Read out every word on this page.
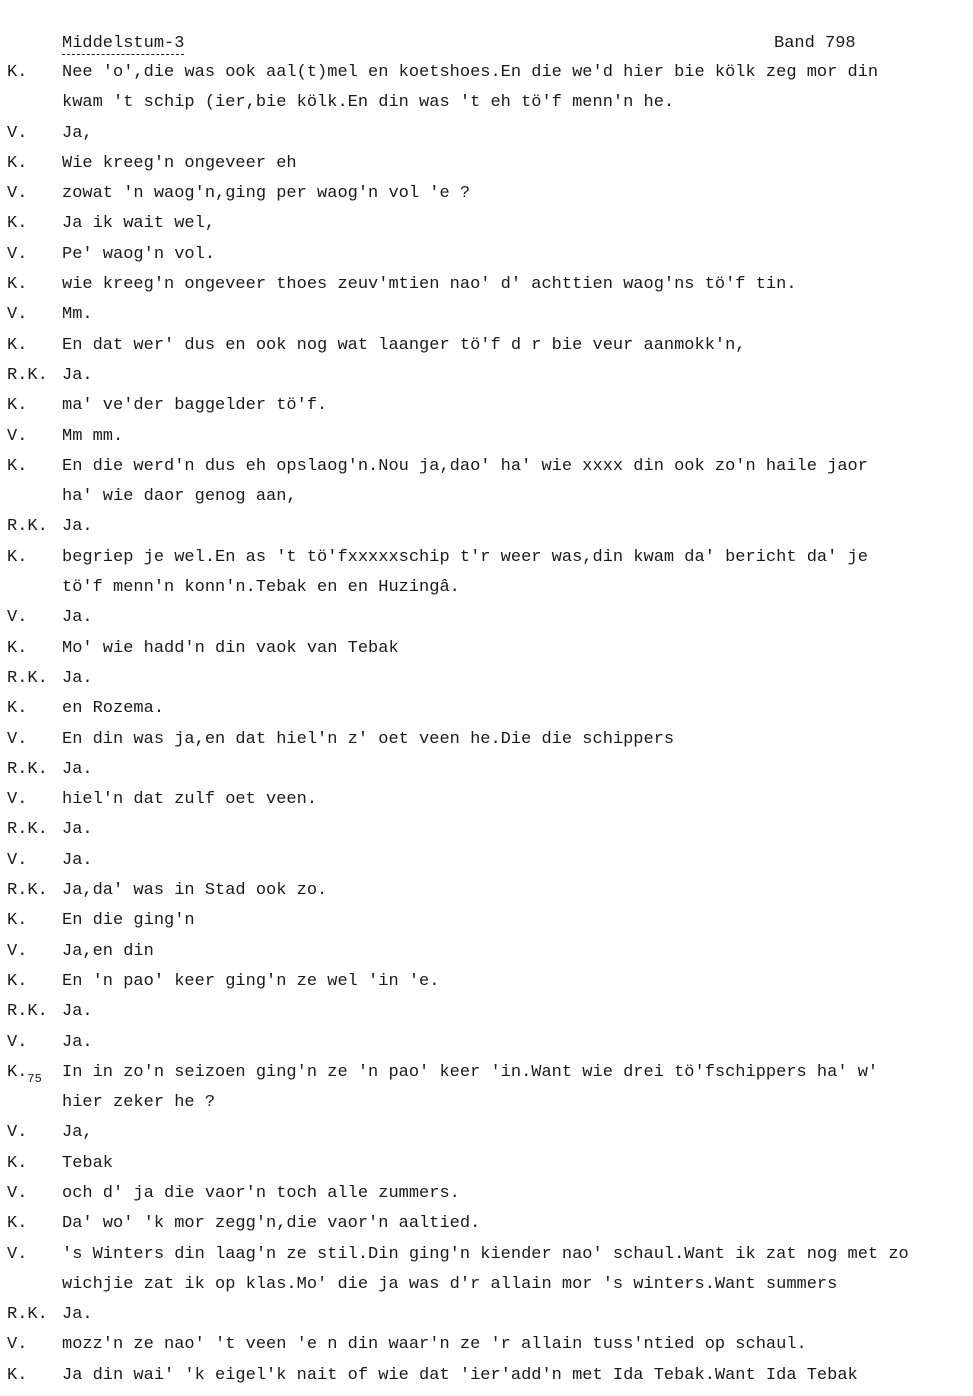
Middelstum-3	Band 798
K. Nee 'o',die was ook aal(t)mel en koetshoes.En die we'd hier bie kölk zeg mor din
kwam 't schip (ier,bie kölk.En din was 't eh tö'f menn'n he.
V. Ja,
K. Wie kreeg'n ongeveer eh
V. zowat 'n waog'n,ging per waog'n vol 'e ?
K. Ja ik wait wel,
V. Pe' waog'n vol.
K. wie kreeg'n ongeveer thoes zeuv'mtien nao' d' achttien waog'ns tö'f tin.
V. Mm.
K. En dat wer' dus en ook nog wat laanger tö'f d r bie veur aanmokk'n,
R.K. Ja.
K. ma' ve'der baggelder tö'f.
V. Mm mm.
K. En die werd'n dus eh opslaog'n.Nou ja,dao' ha' wie xxxx din ook zo'n haile jaor
ha' wie daor genog aan,
R.K. Ja.
K. begriep je wel.En as 't tö'fxxxxxschip t'r weer was,din kwam da' bericht da' je
tö'f menn'n konn'n.Tebak en en Huzingâ.
V. Ja.
K. Mo' wie hadd'n din vaok van Tebak
R.K. Ja.
K. en Rozema.
V. En din was ja,en dat hiel'n z' oet veen he.Die die schippers
R.K. Ja.
V. hiel'n dat zulf oet veen.
R.K. Ja.
V. Ja.
R.K. Ja,da' was in Stad ook zo.
K. En die ging'n
V. Ja,en din
K. En 'n pao' keer ging'n ze wel 'in 'e.
R.K. Ja.
V. Ja.
$K._{75}$ In in zo'n seizoen ging'n ze 'n pao' keer 'in.Want wie drei tö'fschippers ha' w'
hier zeker he ?
V. Ja,
K. Tebak
V. och d' ja die vaor'n toch alle zummers.
K. Da' wo' 'k mor zegg'n,die vaor'n aaltied.
V. 's Winters din laag'n ze stil.Din ging'n kiender nao' schaul.Want ik zat nog met zo
wichjie zat ik op klas.Mo' die ja was d'r allain mor 's winters.Want summers
R.K. Ja.
V. mozz'n ze nao' 't veen 'e n din waar'n ze 'r allain tuss'ntied op schaul.
K. Ja din wai' 'k eigel'k nait of wie dat 'ier'add'n met Ida Tebak.Want Ida Tebak
